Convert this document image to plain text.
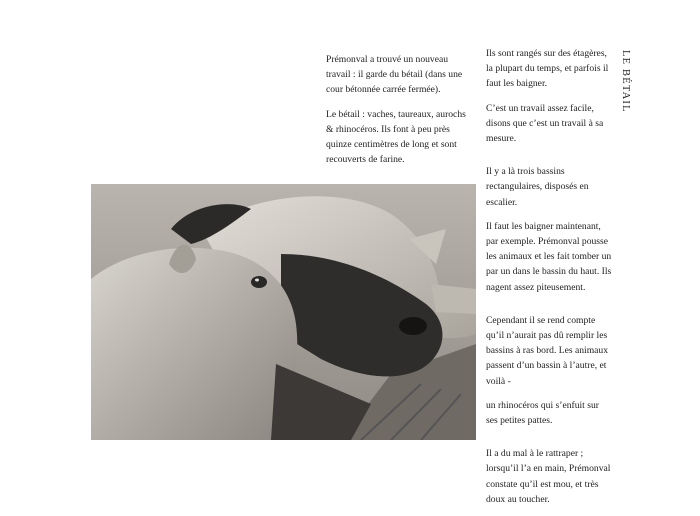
Prémonval a trouvé un nouveau travail : il garde du bétail (dans une cour bétonnée carrée fermée).

Le bétail : vaches, taureaux, aurochs & rhinocéros. Ils font à peu près quinze centimètres de long et sont recouverts de farine.

Ils sont rangés sur des étagères, la plupart du temps, et parfois il faut les baigner.

C’est un travail assez facile, disons que c’est un travail à sa mesure.

Il y a là trois bassins rectangulaires, disposés en escalier.

Il faut les baigner maintenant, par exemple. Prémonval pousse les animaux et les fait tomber un par un dans le bassin du haut. Ils nagent assez piteusement.

Cependant il se rend compte qu’il n’aurait pas dû remplir les bassins à ras bord. Les animaux passent d’un bassin à l’autre, et voilà -

un rhinocéros qui s’enfuit sur ses petites pattes.

Il a du mal à le rattraper ; lorsqu’il l’a en main, Prémonval constate qu’il est mou, et très doux au toucher.

LE BÉTAIL
